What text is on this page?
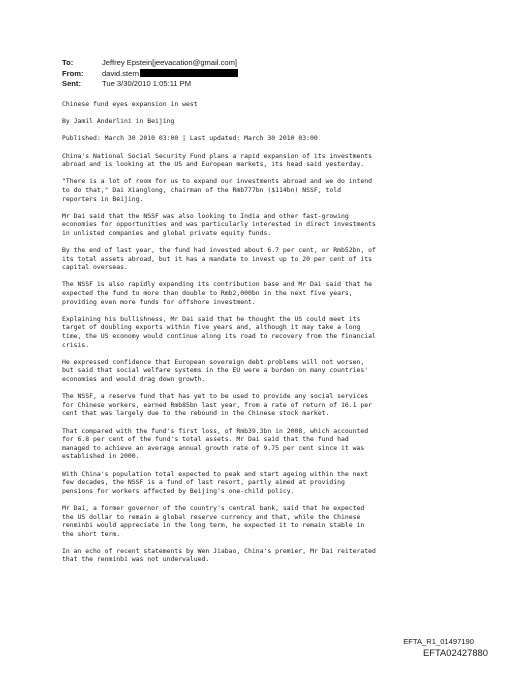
To:	Jeffrey Epstein[jeevacation@gmail.com]
From:	david.stern
Sent:	Tue 3/30/2010 1:05:11 PM

Chinese fund eyes expansion in west

By Jamil Anderlini in Beijing

Published: March 30 2010 03:00 | Last updated: March 30 2010 03:00

China's National Social Security Fund plans a rapid expansion of its investments
abroad and is looking at the US and European markets, its head said yesterday.

"There is a lot of room for us to expand our investments abroad and we do intend
to do that," Dai Xianglong, chairman of the Rmb777bn ($114bn) NSSF, told
reporters in Beijing.

Mr Dai said that the NSSF was also looking to India and other fast-growing
economies for opportunities and was particularly interested in direct investments
in unlisted companies and global private equity funds.

By the end of last year, the fund had invested about 6.7 per cent, or Rmb52bn, of
its total assets abroad, but it has a mandate to invest up to 20 per cent of its
capital overseas.

The NSSF is also rapidly expanding its contribution base and Mr Dai said that he
expected the fund to more than double to Rmb2,000bn in the next five years,
providing even more funds for offshore investment.

Explaining his bullishness, Mr Dai said that he thought the US could meet its
target of doubling exports within five years and, although it may take a long
time, the US economy would continue along its road to recovery from the financial
crisis.

He expressed confidence that European sovereign debt problems will not worsen,
but said that social welfare systems in the EU were a burden on many countries'
economies and would drag down growth.

The NSSF, a reserve fund that has yet to be used to provide any social services
for Chinese workers, earned Rmb85bn last year, from a rate of return of 16.1 per
cent that was largely due to the rebound in the Chinese stock market.

That compared with the fund's first loss, of Rmb39.3bn in 2008, which accounted
for 6.8 per cent of the fund's total assets. Mr Dai said that the fund had
managed to achieve an average annual growth rate of 9.75 per cent since it was
established in 2000.

With China's population total expected to peak and start ageing within the next
few decades, the NSSF is a fund of last resort, partly aimed at providing
pensions for workers affected by Beijing's one-child policy.

Mr Dai, a former governor of the country's central bank, said that he expected
the US dollar to remain a global reserve currency and that, while the Chinese
renminbi would appreciate in the long term, he expected it to remain stable in
the short term.

In an echo of recent statements by Wen Jiabao, China's premier, Mr Dai reiterated
that the renminbi was not undervalued.

EFTA_R1_01497190
EFTA02427880
